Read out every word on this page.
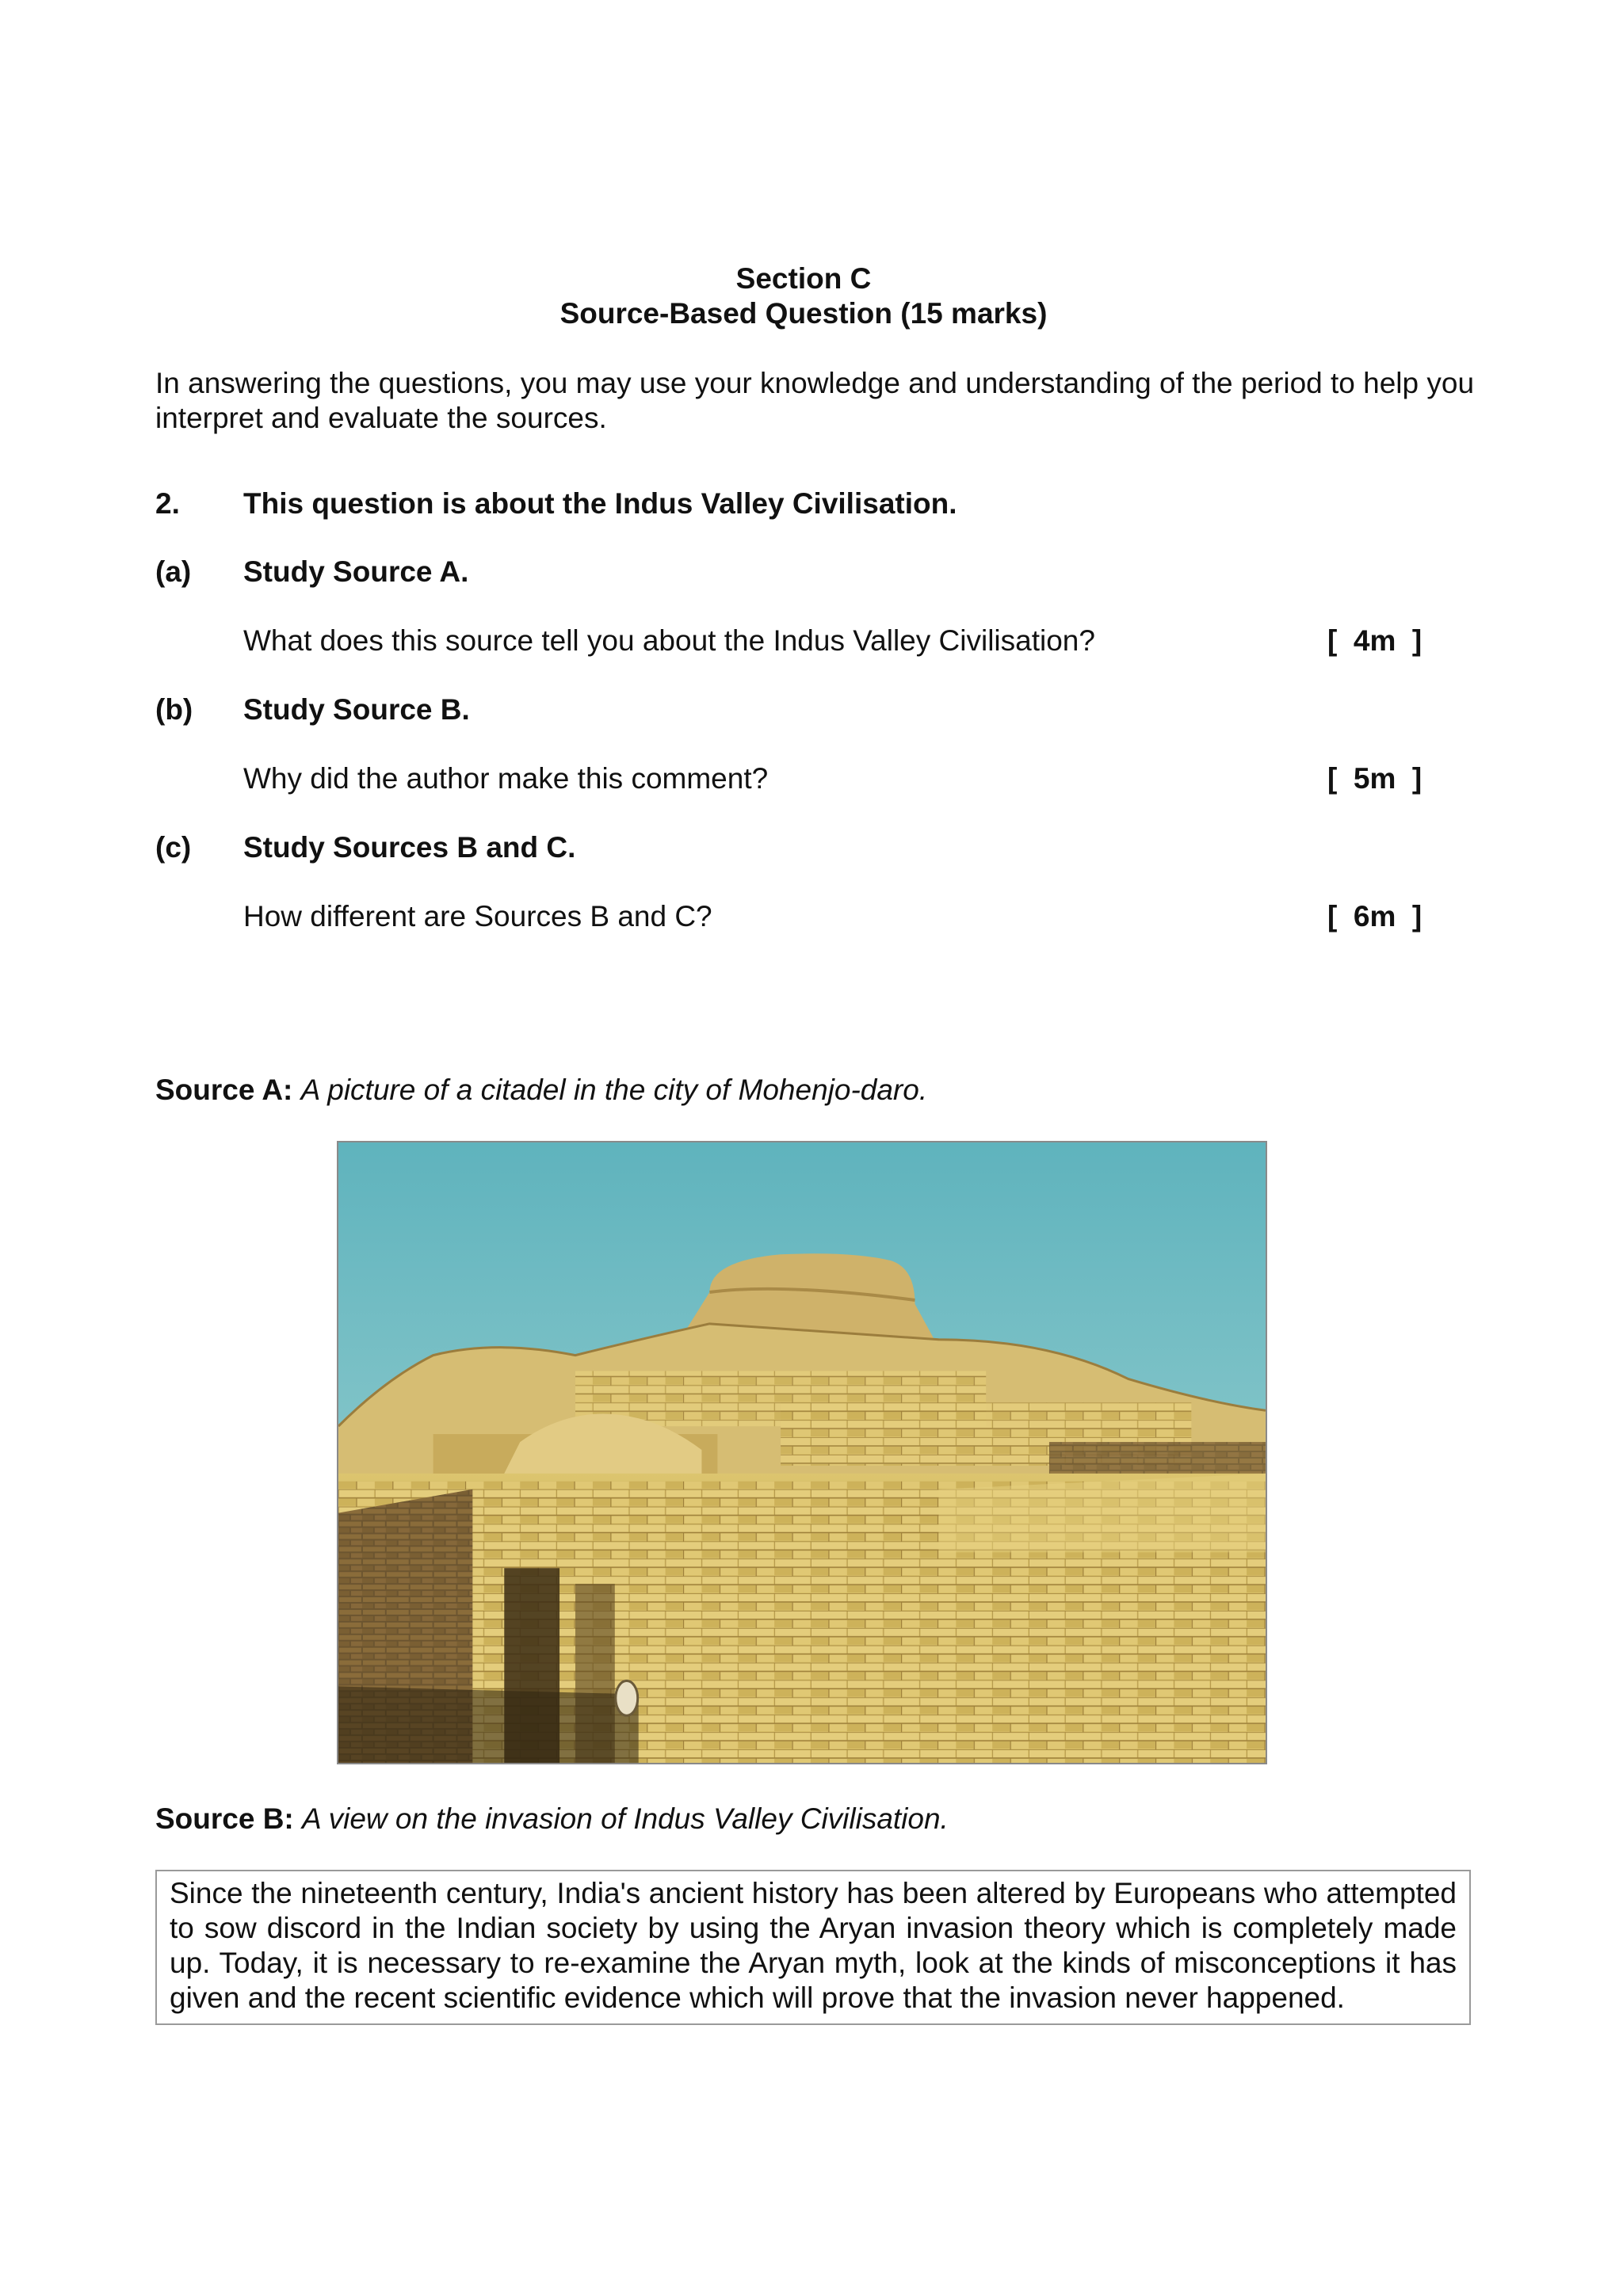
Section C
Source-Based Question (15 marks)
In answering the questions, you may use your knowledge and understanding of the period to help you interpret and evaluate the sources.
2. This question is about the Indus Valley Civilisation.
(a) Study Source A.
What does this source tell you about the Indus Valley Civilisation?	[  4m  ]
(b) Study Source B.
Why did the author make this comment?	[  5m  ]
(c) Study Sources B and C.
How different are Sources B and C?	[  6m  ]
Source A: A picture of a citadel in the city of Mohenjo-daro.
Source B: A view on the invasion of Indus Valley Civilisation.
Since the nineteenth century, India's ancient history has been altered by Europeans who attempted to sow discord in the Indian society by using the Aryan invasion theory which is completely made up. Today, it is necessary to re-examine the Aryan myth, look at the kinds of misconceptions it has given and the recent scientific evidence which will prove that the invasion never happened.
